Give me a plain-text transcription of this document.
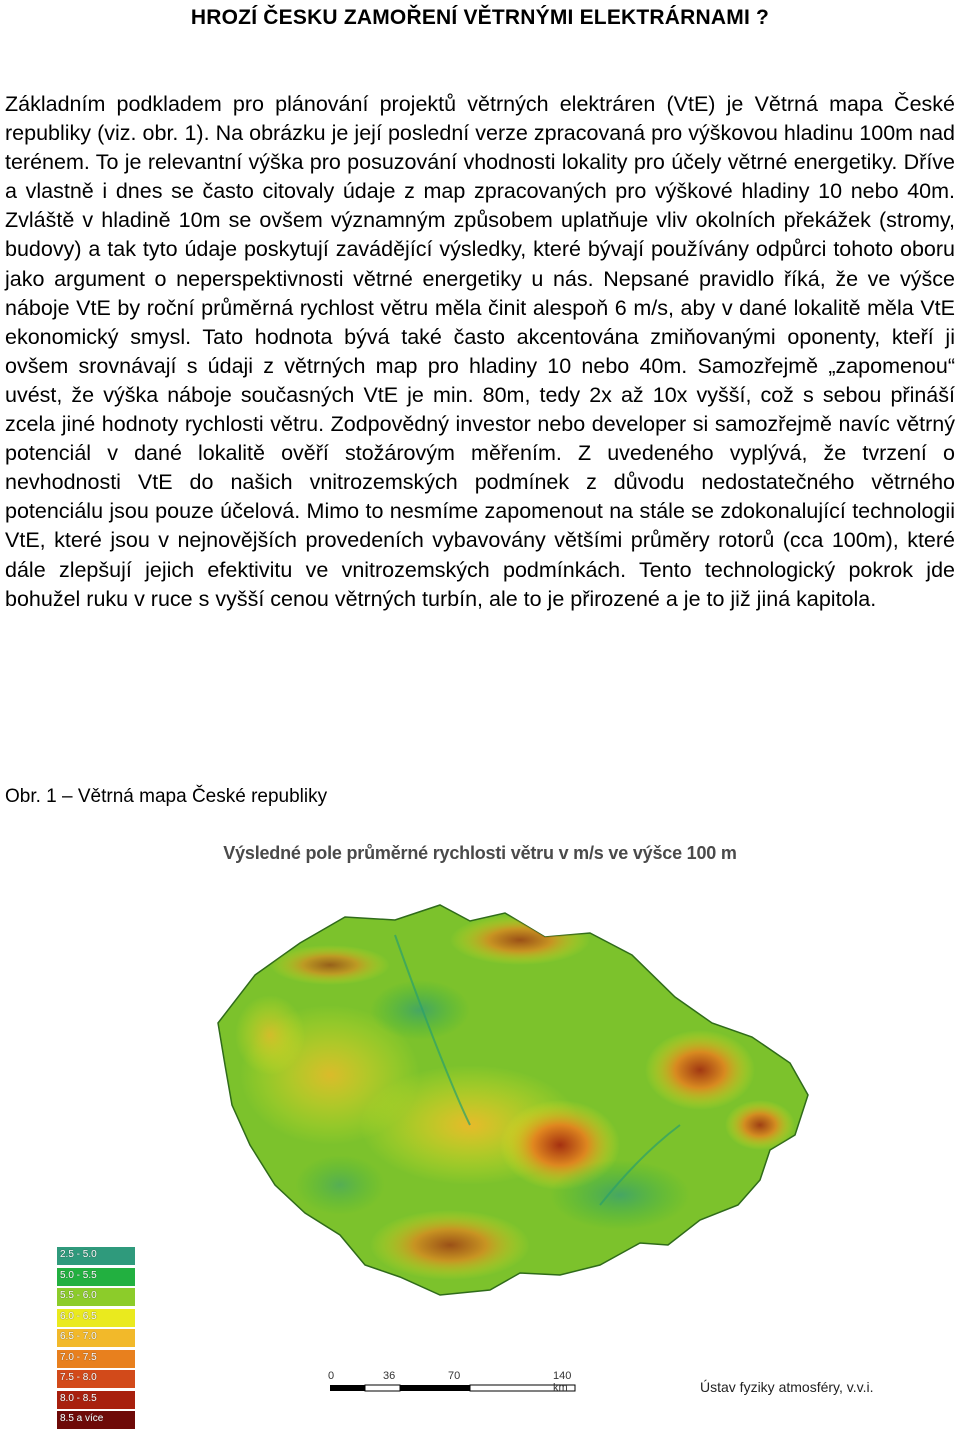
HROZÍ ČESKU ZAMOŘENÍ VĚTRNÝMI ELEKTRÁRNAMI ?

Základním podkladem pro plánování projektů větrných elektráren (VtE) je Větrná mapa České republiky (viz. obr. 1). Na obrázku je její poslední verze zpracovaná pro výškovou hladinu 100m nad terénem. To je relevantní výška pro posuzování vhodnosti lokality pro účely větrné energetiky. Dříve a vlastně i dnes se často citovaly údaje z map zpracovaných pro výškové hladiny 10 nebo 40m. Zvláště v hladině 10m se ovšem významným způsobem uplatňuje vliv okolních překážek (stromy, budovy) a tak tyto údaje poskytují zavádějící výsledky, které bývají používány odpůrci tohoto oboru jako argument o neperspektivnosti větrné energetiky u nás. Nepsané pravidlo říká, že ve výšce náboje VtE by roční průměrná rychlost větru měla činit alespoň 6 m/s, aby v dané lokalitě měla VtE ekonomický smysl. Tato hodnota bývá také často akcentována zmiňovanými oponenty, kteří ji ovšem srovnávají s údaji z větrných map pro hladiny 10 nebo 40m. Samozřejmě „zapomenou“ uvést, že výška náboje současných VtE je min. 80m, tedy 2x až 10x vyšší, což s sebou přináší zcela jiné hodnoty rychlosti větru. Zodpovědný investor nebo developer si samozřejmě navíc větrný potenciál v dané lokalitě ověří stožárovým měřením. Z uvedeného vyplývá, že tvrzení o nevhodnosti VtE do našich vnitrozemských podmínek z důvodu nedostatečného větrného potenciálu jsou pouze účelová. Mimo to nesmíme zapomenout na stále se zdokonalující technologii VtE, které jsou v nejnovějších provedeních vybavovány většími průměry rotorů (cca 100m), které dále zlepšují jejich efektivitu ve vnitrozemských podmínkách. Tento technologický pokrok jde bohužel ruku v ruce s vyšší cenou větrných turbín, ale to je přirozené a je to již jiná kapitola.

Obr. 1 – Větrná mapa České republiky
Výsledné pole průměrné rychlosti větru v m/s ve výšce 100 m
2.5 - 5.0
5.0 - 5.5
5.5 - 6.0
6.0 - 6.5
6.5 - 7.0
7.0 - 7.5
7.5 - 8.0
8.0 - 8.5
8.5 a více
0	36	70	140 km	Ústav fyziky atmosféry, v.v.i.
